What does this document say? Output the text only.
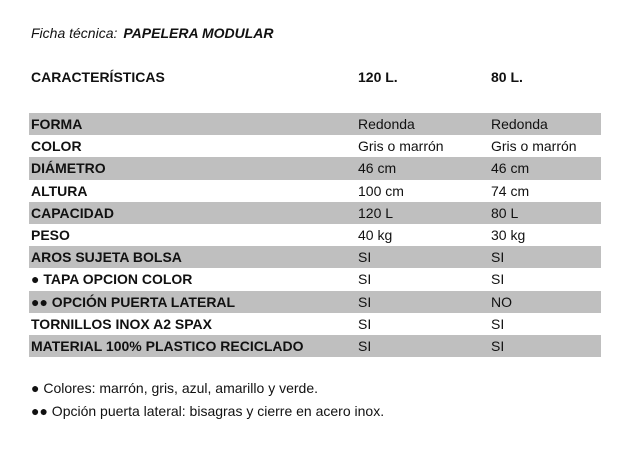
Ficha técnica: PAPELERA MODULAR
CARACTERÍSTICAS	120 L.	80 L.
FORMA	Redonda	Redonda
COLOR	Gris o marrón	Gris o marrón
DIÁMETRO	46 cm	46 cm
ALTURA	100 cm	74 cm
CAPACIDAD	120 L	80 L
PESO	40 kg	30 kg
AROS SUJETA BOLSA	SI	SI
● TAPA OPCION COLOR	SI	SI
●● OPCIÓN PUERTA LATERAL	SI	NO
TORNILLOS INOX A2 SPAX	SI	SI
MATERIAL 100% PLASTICO RECICLADO	SI	SI
● Colores: marrón, gris, azul, amarillo y verde.
●● Opción puerta lateral: bisagras y cierre en acero inox.
